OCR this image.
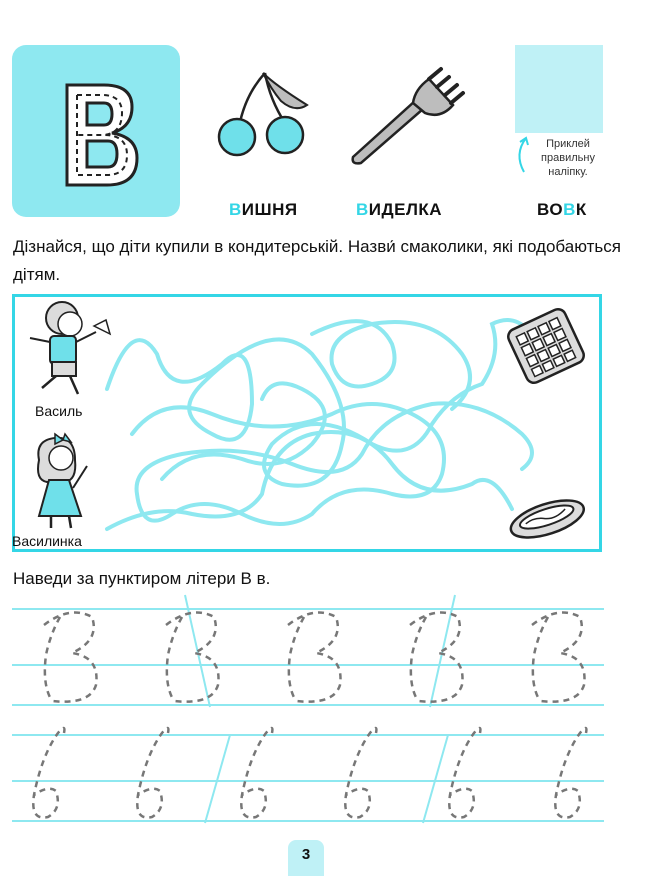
ВИШНЯ	ВИДЕЛКА	ВОВК
Приклей
правильну
наліпку.
Дізнайся, що діти купили в кондитерській. Назви́ смаколики, які подобаються дітям.
Василь
Василинка
Наведи за пунктиром літери В в.
3
